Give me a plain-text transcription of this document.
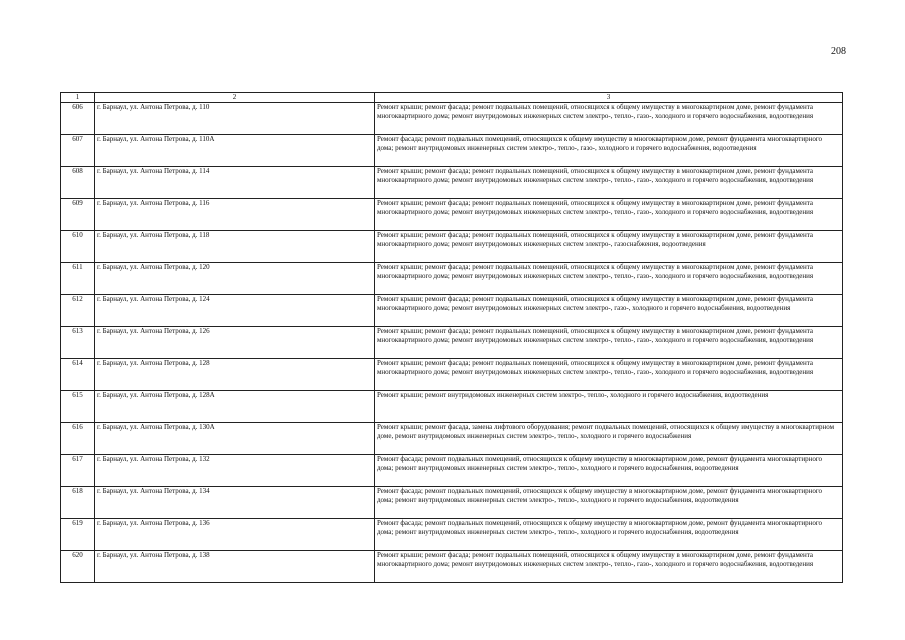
208
1	2	3
606	г. Барнаул, ул. Антона Петрова, д. 110	Ремонт крыши; ремонт фасада; ремонт подвальных помещений, относящихся к общему имуществу в многоквартирном доме, ремонт фундамента многоквартирного дома; ремонт внутридомовых инженерных систем электро-, тепло-, газо-, холодного и горячего водоснабжения, водоотведения
607	г. Барнаул, ул. Антона Петрова, д. 110А	Ремонт фасада; ремонт подвальных помещений, относящихся к общему имуществу в многоквартирном доме, ремонт фундамента многоквартирного дома; ремонт внутридомовых инженерных систем электро-, тепло-, газо-, холодного и горячего водоснабжения, водоотведения
608	г. Барнаул, ул. Антона Петрова, д. 114	Ремонт крыши; ремонт фасада; ремонт подвальных помещений, относящихся к общему имуществу в многоквартирном доме, ремонт фундамента многоквартирного дома; ремонт внутридомовых инженерных систем электро-, тепло-, газо-, холодного и горячего водоснабжения, водоотведения
609	г. Барнаул, ул. Антона Петрова, д. 116	Ремонт крыши; ремонт фасада; ремонт подвальных помещений, относящихся к общему имуществу в многоквартирном доме, ремонт фундамента многоквартирного дома; ремонт внутридомовых инженерных систем электро-, тепло-, газо-, холодного и горячего водоснабжения, водоотведения
610	г. Барнаул, ул. Антона Петрова, д. 118	Ремонт крыши; ремонт фасада; ремонт подвальных помещений, относящихся к общему имуществу в многоквартирном доме, ремонт фундамента многоквартирного дома; ремонт внутридомовых инженерных систем электро-, газоснабжения, водоотведения
611	г. Барнаул, ул. Антона Петрова, д. 120	Ремонт крыши; ремонт фасада; ремонт подвальных помещений, относящихся к общему имуществу в многоквартирном доме, ремонт фундамента многоквартирного дома; ремонт внутридомовых инженерных систем электро-, тепло-, газо-, холодного и горячего водоснабжения, водоотведения
612	г. Барнаул, ул. Антона Петрова, д. 124	Ремонт крыши; ремонт фасада; ремонт подвальных помещений, относящихся к общему имуществу в многоквартирном доме, ремонт фундамента многоквартирного дома; ремонт внутридомовых инженерных систем электро-, газо-, холодного и горячего водоснабжения, водоотведения
613	г. Барнаул, ул. Антона Петрова, д. 126	Ремонт крыши; ремонт фасада; ремонт подвальных помещений, относящихся к общему имуществу в многоквартирном доме, ремонт фундамента многоквартирного дома; ремонт внутридомовых инженерных систем электро-, тепло-, газо-, холодного и горячего водоснабжения, водоотведения
614	г. Барнаул, ул. Антона Петрова, д. 128	Ремонт крыши; ремонт фасада; ремонт подвальных помещений, относящихся к общему имуществу в многоквартирном доме, ремонт фундамента многоквартирного дома; ремонт внутридомовых инженерных систем электро-, тепло-, газо-, холодного и горячего водоснабжения, водоотведения
615	г. Барнаул, ул. Антона Петрова, д. 128А	Ремонт крыши; ремонт внутридомовых инженерных систем электро-, тепло-, холодного и горячего водоснабжения, водоотведения
616	г. Барнаул, ул. Антона Петрова, д. 130А	Ремонт крыши; ремонт фасада, замена лифтового оборудования; ремонт подвальных помещений, относящихся к общему имуществу в многоквартирном доме, ремонт внутридомовых инженерных систем электро-, тепло-, холодного и горячего водоснабжения
617	г. Барнаул, ул. Антона Петрова, д. 132	Ремонт фасада; ремонт подвальных помещений, относящихся к общему имуществу в многоквартирном доме, ремонт фундамента многоквартирного дома; ремонт внутридомовых инженерных систем электро-, тепло-, холодного и горячего водоснабжения, водоотведения
618	г. Барнаул, ул. Антона Петрова, д. 134	Ремонт фасада; ремонт подвальных помещений, относящихся к общему имуществу в многоквартирном доме, ремонт фундамента многоквартирного дома; ремонт внутридомовых инженерных систем электро-, тепло-, холодного и горячего водоснабжения, водоотведения
619	г. Барнаул, ул. Антона Петрова, д. 136	Ремонт фасада; ремонт подвальных помещений, относящихся к общему имуществу в многоквартирном доме, ремонт фундамента многоквартирного дома; ремонт внутридомовых инженерных систем электро-, тепло-, холодного и горячего водоснабжения, водоотведения
620	г. Барнаул, ул. Антона Петрова, д. 138	Ремонт крыши; ремонт фасада; ремонт подвальных помещений, относящихся к общему имуществу в многоквартирном доме, ремонт фундамента многоквартирного дома; ремонт внутридомовых инженерных систем электро-, тепло-, газо-, холодного и горячего водоснабжения, водоотведения
